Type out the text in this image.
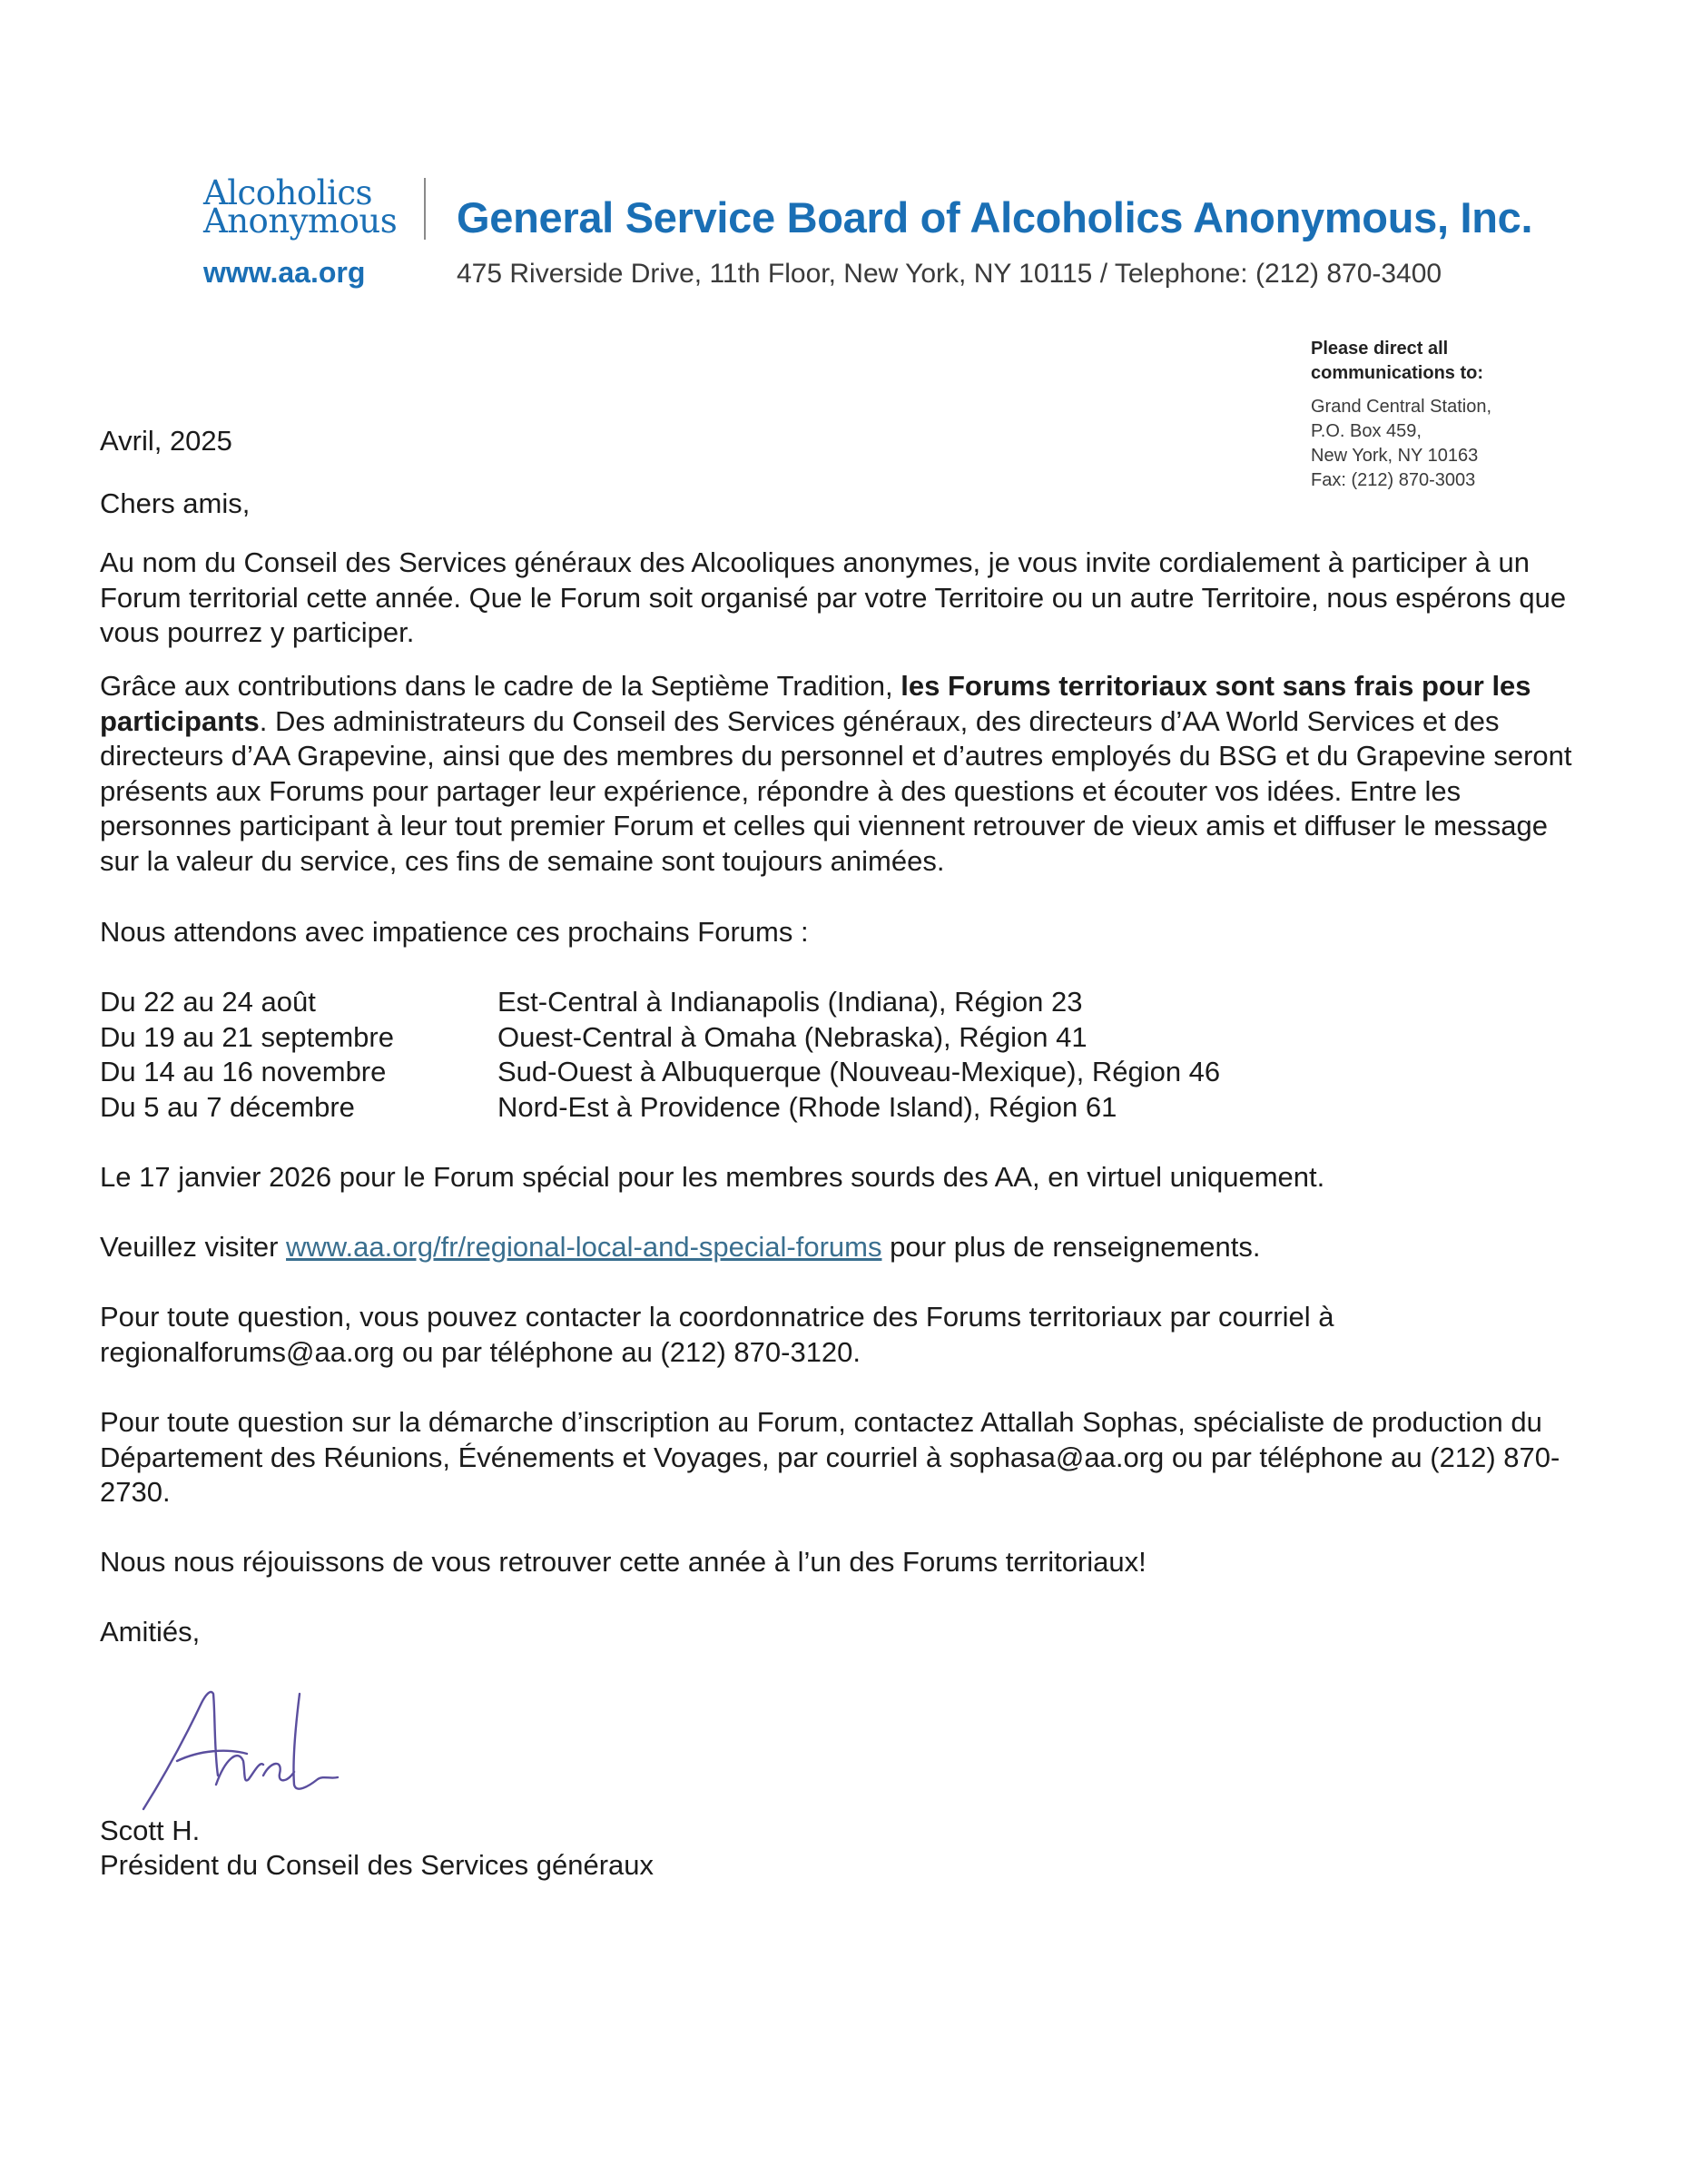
Alcoholics
Anonymous
www.aa.org
General Service Board of Alcoholics Anonymous, Inc.
475 Riverside Drive, 11th Floor, New York, NY 10115 / Telephone: (212) 870-3400
Please direct all
communications to:
Grand Central Station,
P.O. Box 459,
New York, NY 10163
Fax: (212) 870-3003
Avril, 2025
Chers amis,
Au nom du Conseil des Services généraux des Alcooliques anonymes, je vous invite cordialement à participer à un Forum territorial cette année. Que le Forum soit organisé par votre Territoire ou un autre Territoire, nous espérons que vous pourrez y participer.
Grâce aux contributions dans le cadre de la Septième Tradition, les Forums territoriaux sont sans frais pour les participants. Des administrateurs du Conseil des Services généraux, des directeurs d’AA World Services et des directeurs d’AA Grapevine, ainsi que des membres du personnel et d’autres employés du BSG et du Grapevine seront présents aux Forums pour partager leur expérience, répondre à des questions et écouter vos idées. Entre les personnes participant à leur tout premier Forum et celles qui viennent retrouver de vieux amis et diffuser le message sur la valeur du service, ces fins de semaine sont toujours animées.
Nous attendons avec impatience ces prochains Forums :
Du 22 au 24 août	Est-Central à Indianapolis (Indiana), Région 23
Du 19 au 21 septembre	Ouest-Central à Omaha (Nebraska), Région 41
Du 14 au 16 novembre	Sud-Ouest à Albuquerque (Nouveau-Mexique), Région 46
Du 5 au 7 décembre	Nord-Est à Providence (Rhode Island), Région 61
Le 17 janvier 2026 pour le Forum spécial pour les membres sourds des AA, en virtuel uniquement.
Veuillez visiter www.aa.org/fr/regional-local-and-special-forums pour plus de renseignements.
Pour toute question, vous pouvez contacter la coordonnatrice des Forums territoriaux par courriel à regionalforums@aa.org ou par téléphone au (212) 870-3120.
Pour toute question sur la démarche d’inscription au Forum, contactez Attallah Sophas, spécialiste de production du Département des Réunions, Événements et Voyages, par courriel à sophasa@aa.org ou par téléphone au (212) 870-2730.
Nous nous réjouissons de vous retrouver cette année à l’un des Forums territoriaux!
Amitiés,
Scott H.
Président du Conseil des Services généraux
